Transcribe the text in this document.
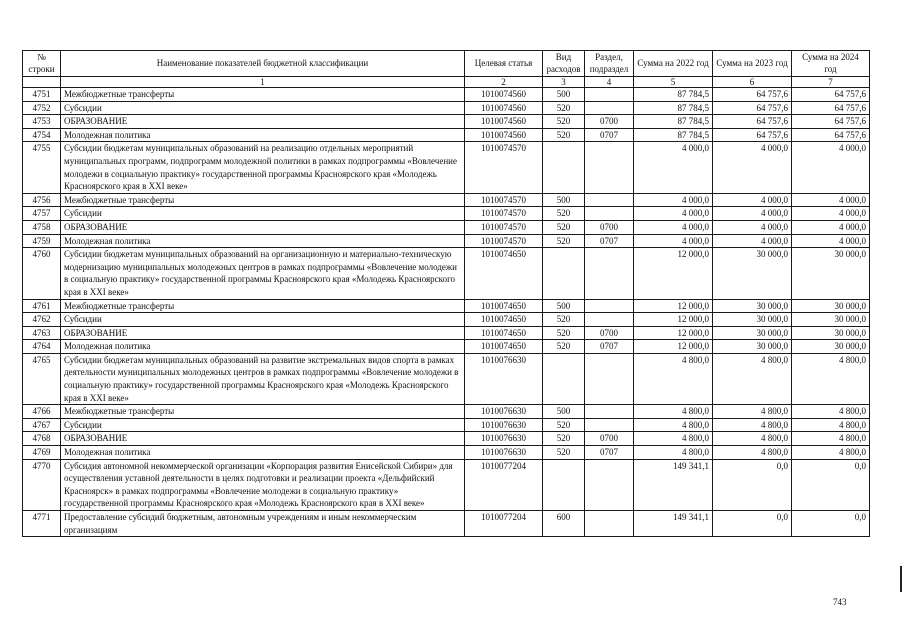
№ строки	Наименование показателей бюджетной классификации	Целевая статья	Вид расходов	Раздел, подраздел	Сумма на 2022 год	Сумма на 2023 год	Сумма на 2024 год
	1	2	3	4	5	6	7
4751	Межбюджетные трансферты	1010074560	500		87 784,5	64 757,6	64 757,6
4752	Субсидии	1010074560	520		87 784,5	64 757,6	64 757,6
4753	ОБРАЗОВАНИЕ	1010074560	520	0700	87 784,5	64 757,6	64 757,6
4754	Молодежная политика	1010074560	520	0707	87 784,5	64 757,6	64 757,6
4755	Субсидии бюджетам муниципальных образований на реализацию отдельных мероприятий муниципальных программ, подпрограмм молодежной политики в рамках подпрограммы «Вовлечение молодежи в социальную практику» государственной программы Красноярского края «Молодежь Красноярского края в XXI веке»	1010074570			4 000,0	4 000,0	4 000,0
4756	Межбюджетные трансферты	1010074570	500		4 000,0	4 000,0	4 000,0
4757	Субсидии	1010074570	520		4 000,0	4 000,0	4 000,0
4758	ОБРАЗОВАНИЕ	1010074570	520	0700	4 000,0	4 000,0	4 000,0
4759	Молодежная политика	1010074570	520	0707	4 000,0	4 000,0	4 000,0
4760	Субсидии бюджетам муниципальных образований на организационную и материально-техническую модернизацию муниципальных молодежных центров в рамках подпрограммы «Вовлечение молодежи в социальную практику» государственной программы Красноярского края «Молодежь Красноярского края в XXI веке»	1010074650			12 000,0	30 000,0	30 000,0
4761	Межбюджетные трансферты	1010074650	500		12 000,0	30 000,0	30 000,0
4762	Субсидии	1010074650	520		12 000,0	30 000,0	30 000,0
4763	ОБРАЗОВАНИЕ	1010074650	520	0700	12 000,0	30 000,0	30 000,0
4764	Молодежная политика	1010074650	520	0707	12 000,0	30 000,0	30 000,0
4765	Субсидии бюджетам муниципальных образований на развитие экстремальных видов спорта в рамках деятельности муниципальных молодежных центров в рамках подпрограммы «Вовлечение молодежи в социальную практику» государственной программы Красноярского края «Молодежь Красноярского края в XXI веке»	1010076630			4 800,0	4 800,0	4 800,0
4766	Межбюджетные трансферты	1010076630	500		4 800,0	4 800,0	4 800,0
4767	Субсидии	1010076630	520		4 800,0	4 800,0	4 800,0
4768	ОБРАЗОВАНИЕ	1010076630	520	0700	4 800,0	4 800,0	4 800,0
4769	Молодежная политика	1010076630	520	0707	4 800,0	4 800,0	4 800,0
4770	Субсидия автономной некоммерческой организации «Корпорация развития Енисейской Сибири» для осуществления уставной деятельности в целях подготовки и реализации проекта «Дельфийский Красноярск» в рамках подпрограммы «Вовлечение молодежи в социальную практику» государственной программы Красноярского края «Молодежь Красноярского края в XXI веке»	1010077204			149 341,1	0,0	0,0
4771	Предоставление субсидий бюджетным, автономным учреждениям и иным некоммерческим организациям	1010077204	600		149 341,1	0,0	0,0
743
